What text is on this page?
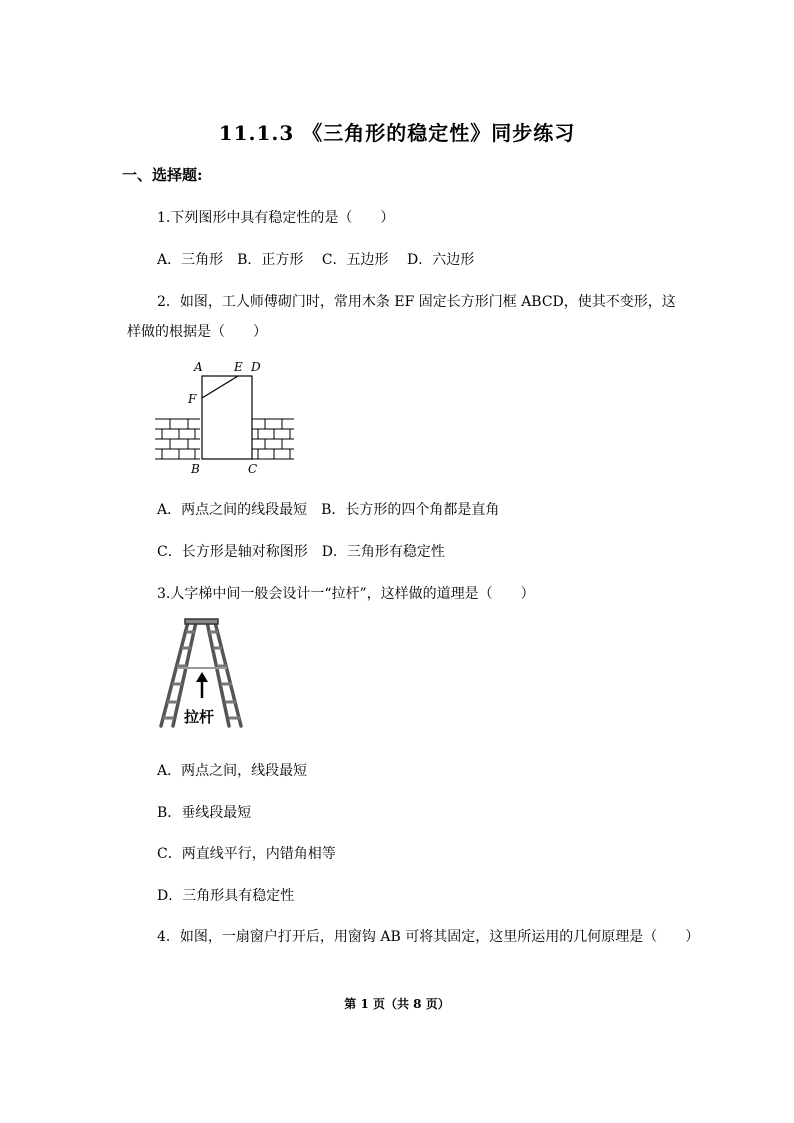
11.1.3 《三角形的稳定性》同步练习
一、选择题:
1.下列图形中具有稳定性的是（　　）
A．三角形　B．正方形　 C．五边形　 D．六边形
2．如图，工人师傅砌门时，常用木条 EF 固定长方形门框 ABCD，使其不变形，这
样做的根据是（　　）
A	E D
F
B	C
A．两点之间的线段最短　B．长方形的四个角都是直角
C．长方形是轴对称图形　D．三角形有稳定性
3.人字梯中间一般会设计一“拉杆”，这样做的道理是（　　）
拉杆
A．两点之间，线段最短
B．垂线段最短
C．两直线平行，内错角相等
D．三角形具有稳定性
4．如图，一扇窗户打开后，用窗钩 AB 可将其固定，这里所运用的几何原理是（　　）
第 1 页（共 8 页）
